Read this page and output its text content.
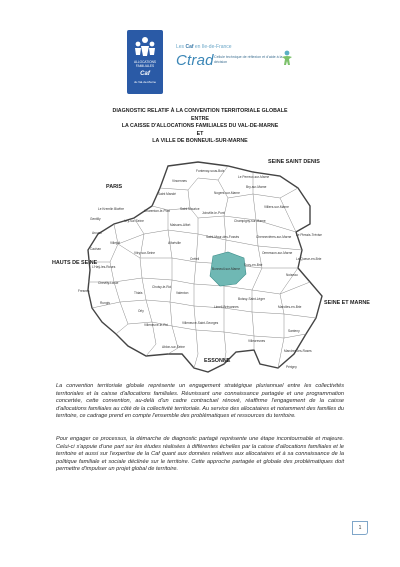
ALLOCATIONS FAMILIALES
Caf
du Val-de-Marne
Les Caf en Ile-de-France
Ctrad Cellule technique de réflexion et d'aide à la décision
DIAGNOSTIC RELATIF À LA CONVENTION TERRITORIALE GLOBALE
ENTRE
LA CAISSE D'ALLOCATIONS FAMILIALES DU VAL-DE-MARNE
ET
LA VILLE DE BONNEUIL-SUR-MARNE
SEINE SAINT DENIS
PARIS
HAUTS DE SEINE
SEINE ET MARNE
ESSONNE
Fontenay-sous-Bois
Le Perreux-sur-Marne
Vincennes
Saint Mandé	Nogent-sur-Marne
Bry-sur-Marne
Villiers-sur-Marne
Saint Maurice
Charenton-le-Pont	Joinville-le-Pont
Champigny-sur-Marne
Le Kremlin Bicêtre
Gentilly	Ivry-sur-Seine
Maisons-Alfort
Le Plessis-Trévise
Arcueil
Saint-Maur-des-Fossés	Chennevières-sur-Marne
La Queue-en-Brie
Cachan
Villejuif
Vitry-sur-Seine
Alfortville
Ormesson-sur-Marne
L'Haÿ-les-Roses
Créteil
Bonneuil-sur-Marne
Sucy-en-Brie
Noiseau
Chevilly-Larue
Fresnes
Choisy-le-Roi
Rungis
Thiais
Limeil-Brévannes
Boissy-Saint-Léger
Marolles-en-Brie
Orly
Valenton
Santeny
Villeneuve-le-Roi	Villeneuve-Saint-Georges
Villecresnes
Mandres-les-Roses
Ablon-sur-Seine
Périgny

La convention territoriale globale représente un engagement stratégique pluriannuel entre les collectivités territoriales et la caisse d'allocations familiales. Réunissant une connaissance partagée et une programmation concertée, cette convention, au-delà d'un cadre contractuel rénové, réaffirme l'engagement de la caisse d'allocations familiales au côté de la collectivité territoriale. Au service des allocataires et notamment des familles du territoire, ce cadrage prend en compte l'ensemble des problématiques et ressources du territoire.

Pour engager ce processus, la démarche de diagnostic partagé représente une étape incontournable et majeure. Celui-ci s'appuie d'une part sur les études réalisées à différentes échelles par la caisse d'allocations familiales et le territoire et aussi sur l'expertise de la Caf quant aux données relatives aux allocataires et à sa connaissance de la politique familiale et sociale déclinée sur le territoire. Cette approche partagée et globale des problématiques doit permettre d'impulser un projet global de territoire.

1
